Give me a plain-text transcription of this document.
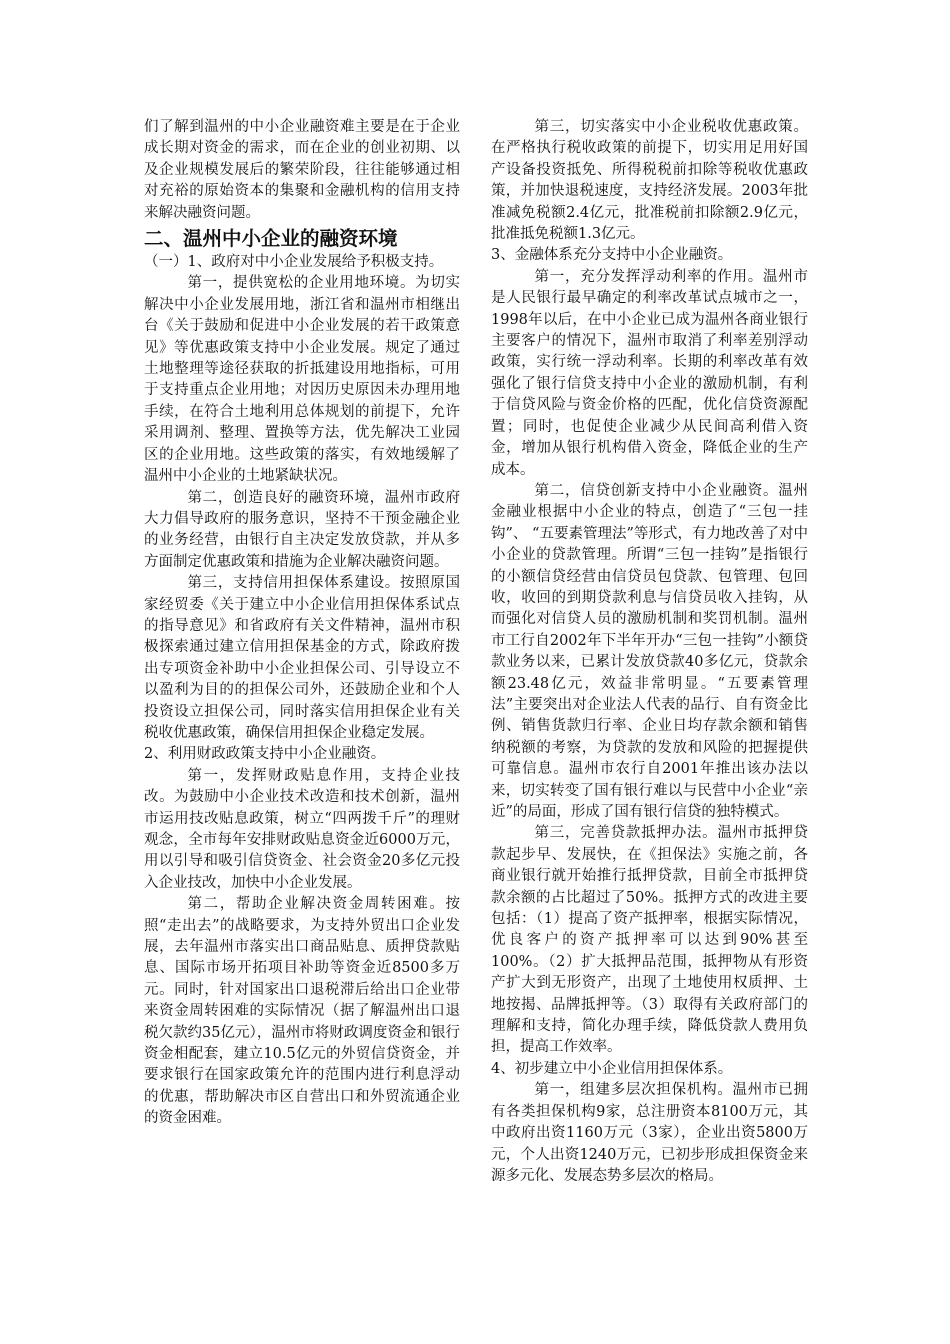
们了解到温州的中小企业融资难主要是在于企业成长期对资金的需求，而在企业的创业初期、以及企业规模发展后的繁荣阶段，往往能够通过相对充裕的原始资本的集聚和金融机构的信用支持来解决融资问题。

二、温州中小企业的融资环境

（一）1、政府对中小企业发展给予积极支持。

第一，提供宽松的企业用地环境。为切实解决中小企业发展用地，浙江省和温州市相继出台《关于鼓励和促进中小企业发展的若干政策意见》等优惠政策支持中小企业发展。规定了通过土地整理等途径获取的折抵建设用地指标，可用于支持重点企业用地；对因历史原因未办理用地手续，在符合土地利用总体规划的前提下，允许采用调剂、整理、置换等方法，优先解决工业园区的企业用地。这些政策的落实，有效地缓解了温州中小企业的土地紧缺状况。

第二，创造良好的融资环境，温州市政府大力倡导政府的服务意识，坚持不干预金融企业的业务经营，由银行自主决定发放贷款，并从多方面制定优惠政策和措施为企业解决融资问题。

第三，支持信用担保体系建设。按照原国家经贸委《关于建立中小企业信用担保体系试点的指导意见》和省政府有关文件精神，温州市积极探索通过建立信用担保基金的方式，除政府拨出专项资金补助中小企业担保公司、引导设立不以盈利为目的的担保公司外，还鼓励企业和个人投资设立担保公司，同时落实信用担保企业有关税收优惠政策，确保信用担保企业稳定发展。

2、利用财政政策支持中小企业融资。

第一，发挥财政贴息作用，支持企业技改。为鼓励中小企业技术改造和技术创新，温州市运用技改贴息政策，树立“四两拨千斤”的理财观念，全市每年安排财政贴息资金近6000万元，用以引导和吸引信贷资金、社会资金20多亿元投入企业技改，加快中小企业发展。

第二，帮助企业解决资金周转困难。按照“走出去”的战略要求，为支持外贸出口企业发展，去年温州市落实出口商品贴息、质押贷款贴息、国际市场开拓项目补助等资金近8500多万元。同时，针对国家出口退税滞后给出口企业带来资金周转困难的实际情况（据了解温州出口退税欠款约35亿元），温州市将财政调度资金和银行资金相配套，建立10.5亿元的外贸信贷资金，并要求银行在国家政策允许的范围内进行利息浮动的优惠，帮助解决市区自营出口和外贸流通企业的资金困难。

第三，切实落实中小企业税收优惠政策。在严格执行税收政策的前提下，切实用足用好国产设备投资抵免、所得税税前扣除等税收优惠政策，并加快退税速度，支持经济发展。2003年批准减免税额2.4亿元，批准税前扣除额2.9亿元，批准抵免税额1.3亿元。

3、金融体系充分支持中小企业融资。

第一，充分发挥浮动利率的作用。温州市是人民银行最早确定的利率改革试点城市之一，1998年以后，在中小企业已成为温州各商业银行主要客户的情况下，温州市取消了利率差别浮动政策，实行统一浮动利率。长期的利率改革有效强化了银行信贷支持中小企业的激励机制，有利于信贷风险与资金价格的匹配，优化信贷资源配置；同时，也促使企业减少从民间高利借入资金，增加从银行机构借入资金，降低企业的生产成本。

第二，信贷创新支持中小企业融资。温州金融业根据中小企业的特点，创造了“三包一挂钩”、 “五要素管理法”等形式，有力地改善了对中小企业的贷款管理。所谓“三包一挂钩”是指银行的小额信贷经营由信贷员包贷款、包管理、包回收，收回的到期贷款利息与信贷员收入挂钩，从而强化对信贷人员的激励机制和奖罚机制。温州市工行自2002年下半年开办“三包一挂钩”小额贷款业务以来，已累计发放贷款40多亿元，贷款余额23.48亿元，效益非常明显。“五要素管理法”主要突出对企业法人代表的品行、自有资金比例、销售货款归行率、企业日均存款余额和销售纳税额的考察，为贷款的发放和风险的把握提供可靠信息。温州市农行自2001年推出该办法以来，切实转变了国有银行难以与民营中小企业“亲近”的局面，形成了国有银行信贷的独特模式。

第三，完善贷款抵押办法。温州市抵押贷款起步早、发展快，在《担保法》实施之前，各商业银行就开始推行抵押贷款，目前全市抵押贷款余额的占比超过了50%。抵押方式的改进主要包括：（1）提高了资产抵押率，根据实际情况，优良客户的资产抵押率可以达到90%甚至100%。（2）扩大抵押品范围，抵押物从有形资产扩大到无形资产，出现了土地使用权质押、土地按揭、品牌抵押等。（3）取得有关政府部门的理解和支持，简化办理手续，降低贷款人费用负担，提高工作效率。

4、初步建立中小企业信用担保体系。

第一，组建多层次担保机构。温州市已拥有各类担保机构9家，总注册资本8100万元，其中政府出资1160万元（3家），企业出资5800万元，个人出资1240万元，已初步形成担保资金来源多元化、发展态势多层次的格局。
